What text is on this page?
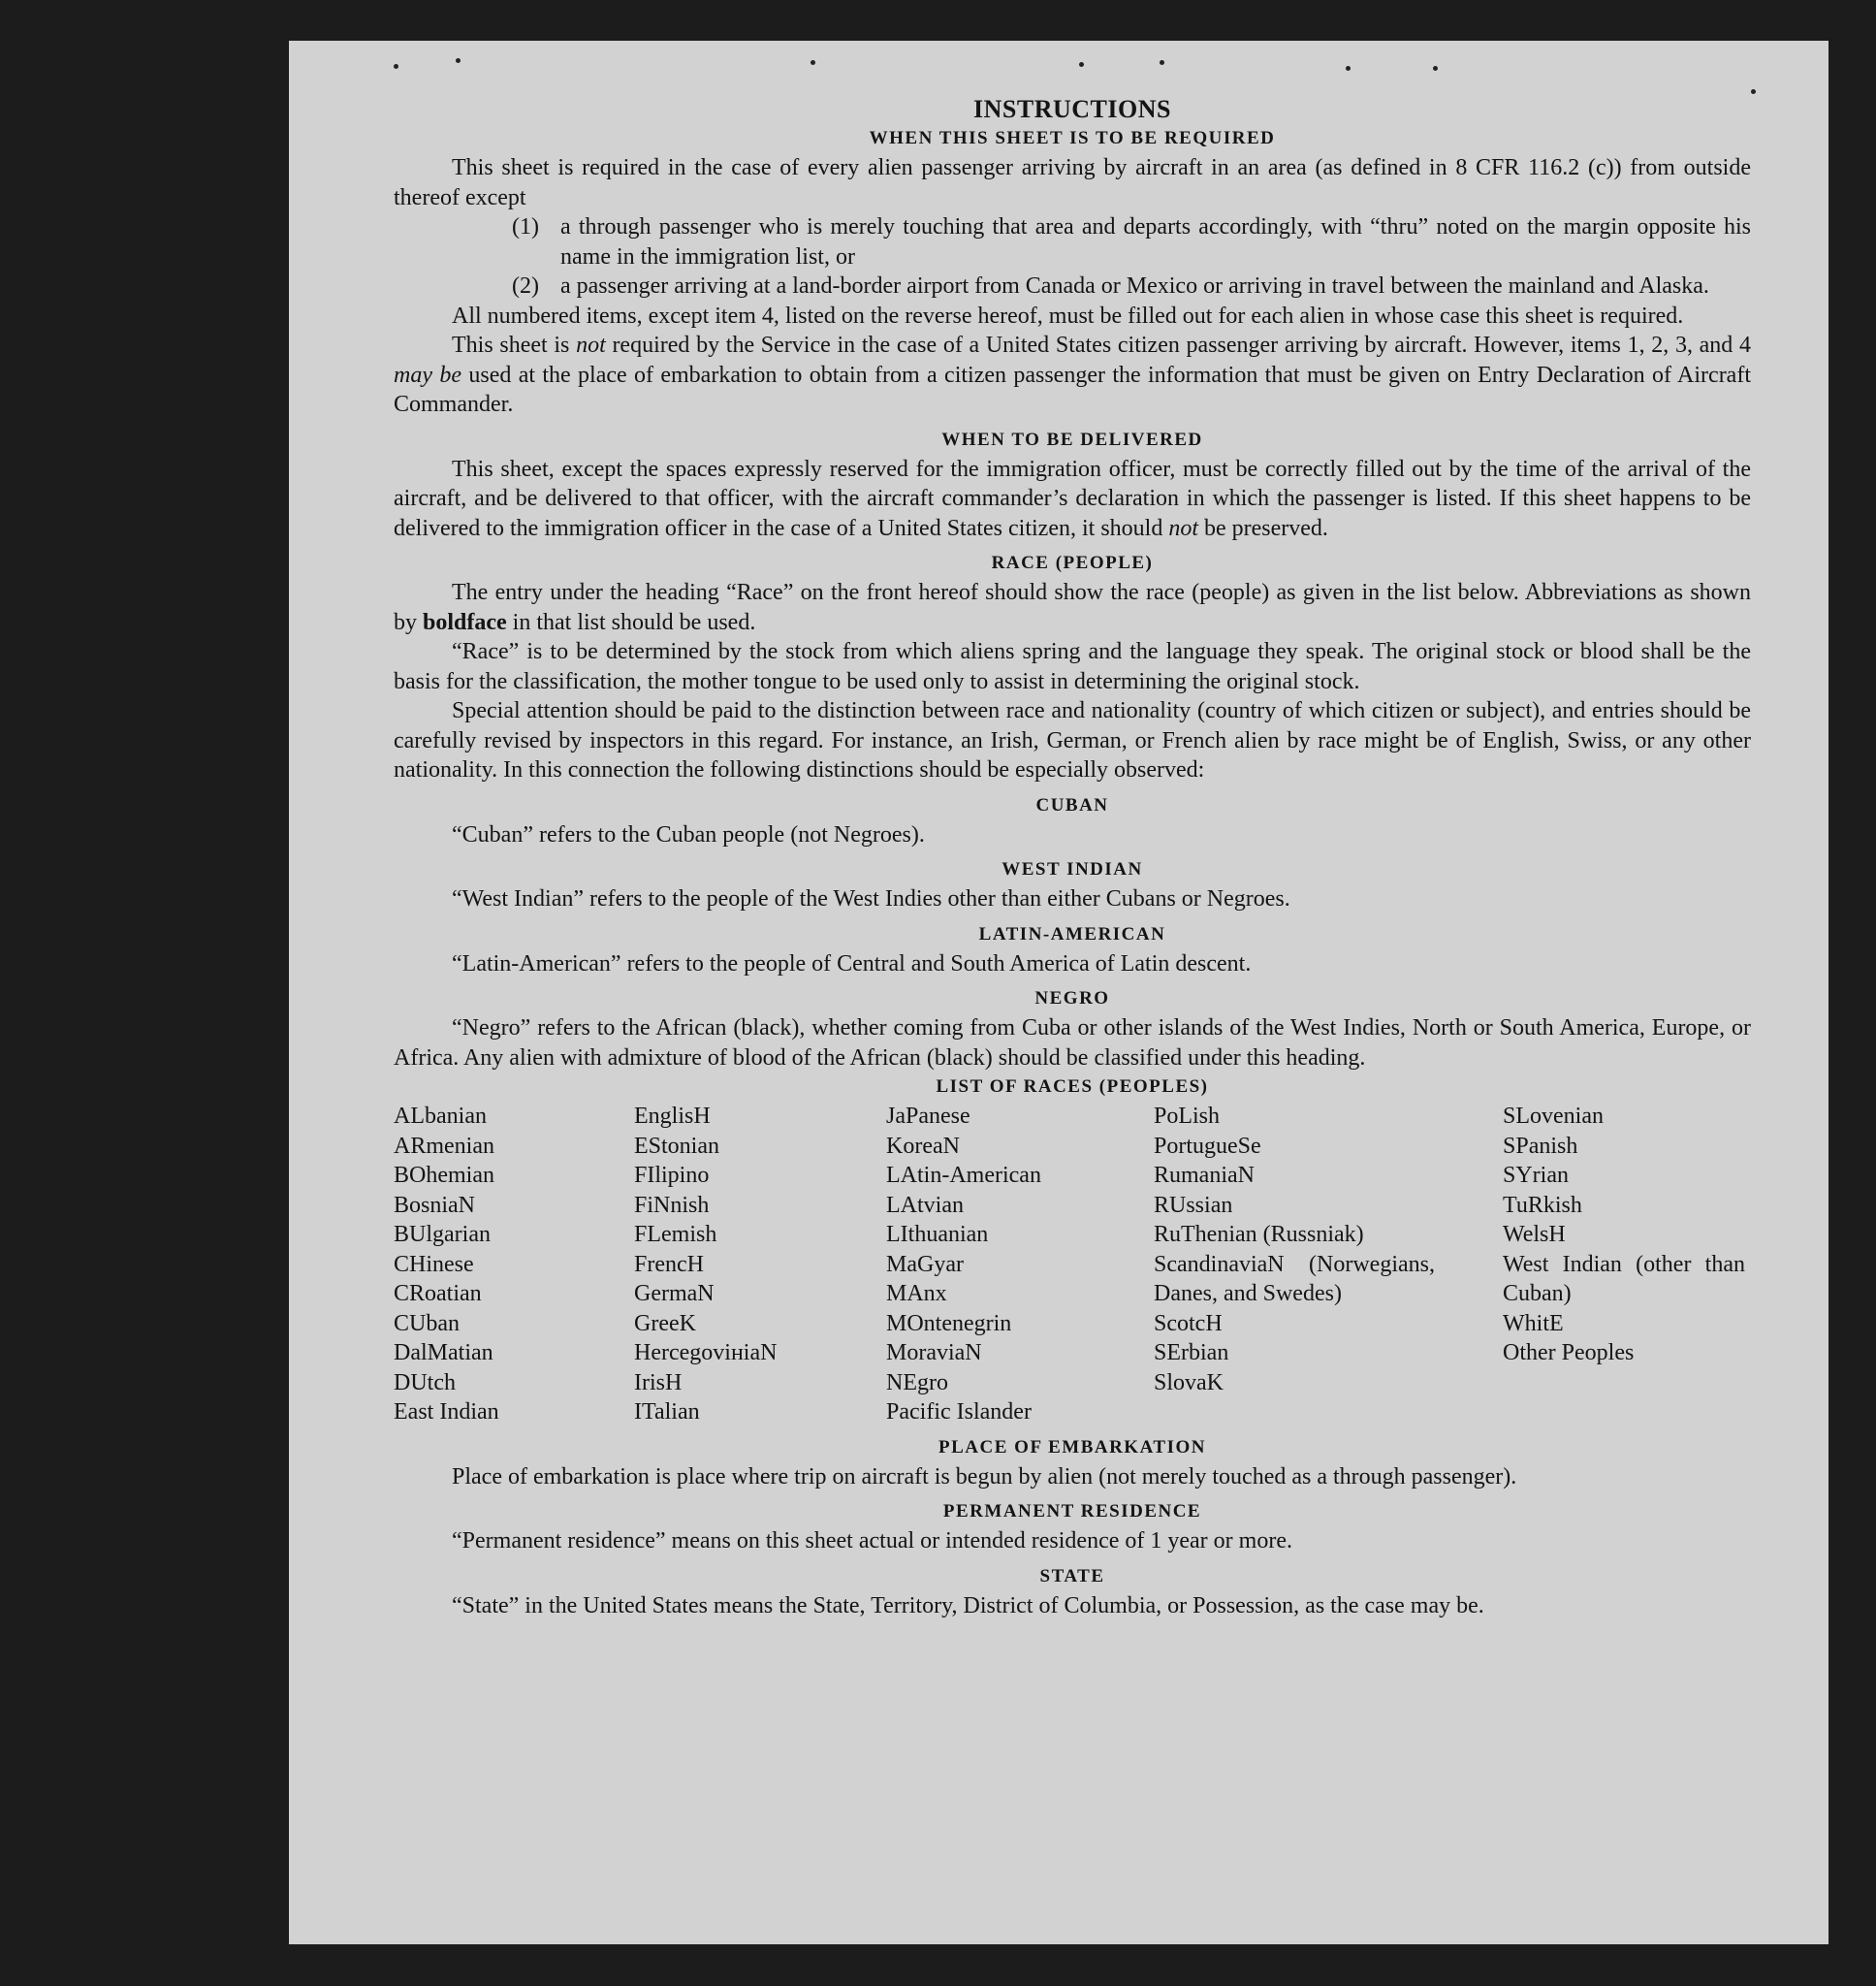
INSTRUCTIONS
WHEN THIS SHEET IS TO BE REQUIRED

This sheet is required in the case of every alien passenger arriving by aircraft in an area (as defined in 8 CFR 116.2 (c)) from outside thereof except

(1) a through passenger who is merely touching that area and departs accordingly, with “thru” noted on the margin opposite his name in the immigration list, or
(2) a passenger arriving at a land-border airport from Canada or Mexico or arriving in travel between the mainland and Alaska.

All numbered items, except item 4, listed on the reverse hereof, must be filled out for each alien in whose case this sheet is required.

This sheet is not required by the Service in the case of a United States citizen passenger arriving by aircraft. However, items 1, 2, 3, and 4 may be used at the place of embarkation to obtain from a citizen passenger the information that must be given on Entry Declaration of Aircraft Commander.

WHEN TO BE DELIVERED

This sheet, except the spaces expressly reserved for the immigration officer, must be correctly filled out by the time of the arrival of the aircraft, and be delivered to that officer, with the aircraft commander’s declaration in which the passenger is listed. If this sheet happens to be delivered to the immigration officer in the case of a United States citizen, it should not be preserved.

RACE (PEOPLE)

The entry under the heading “Race” on the front hereof should show the race (people) as given in the list below. Abbreviations as shown by boldface in that list should be used.

“Race” is to be determined by the stock from which aliens spring and the language they speak. The original stock or blood shall be the basis for the classification, the mother tongue to be used only to assist in determining the original stock.

Special attention should be paid to the distinction between race and nationality (country of which citizen or subject), and entries should be carefully revised by inspectors in this regard. For instance, an Irish, German, or French alien by race might be of English, Swiss, or any other nationality. In this connection the following distinctions should be especially observed:

CUBAN

“Cuban” refers to the Cuban people (not Negroes).

WEST INDIAN

“West Indian” refers to the people of the West Indies other than either Cubans or Negroes.

LATIN-AMERICAN

“Latin-American” refers to the people of Central and South America of Latin descent.

NEGRO

“Negro” refers to the African (black), whether coming from Cuba or other islands of the West Indies, North or South America, Europe, or Africa. Any alien with admixture of blood of the African (black) should be classified under this heading.

LIST OF RACES (PEOPLES)
ALbanian
ARmenian
BOhemian
BosniaN
BUlgarian
CHinese
CRoatian
CUban
DalMatian
DUtch
East Indian
EnglisH
EStonian
FIlipino
FiNnish
FLemish
FrencH
GermaN
GreeK
HercegovініaN
IrisH
ITalian
JaPanese
KoreaN
LAtin-American
LAtvian
LIthuanian
MaGyar
MAnx
MOntenegrin
MoraviaN
NEgro
Pacific Islander
PoLish
PortugueSe
RumaniaN
RUssian
RuThenian (Russniak)
ScandinaviaN (Norwegians, Danes, and Swedes)
ScotcH
SErbian
SlovaK
SLovenian
SPanish
SYrian
TuRkish
WelsH
West Indian (other than Cuban)
WhitE
Other Peoples
PLACE OF EMBARKATION

Place of embarkation is place where trip on aircraft is begun by alien (not merely touched as a through passenger).

PERMANENT RESIDENCE

“Permanent residence” means on this sheet actual or intended residence of 1 year or more.

STATE

“State” in the United States means the State, Territory, District of Columbia, or Possession, as the case may be.
